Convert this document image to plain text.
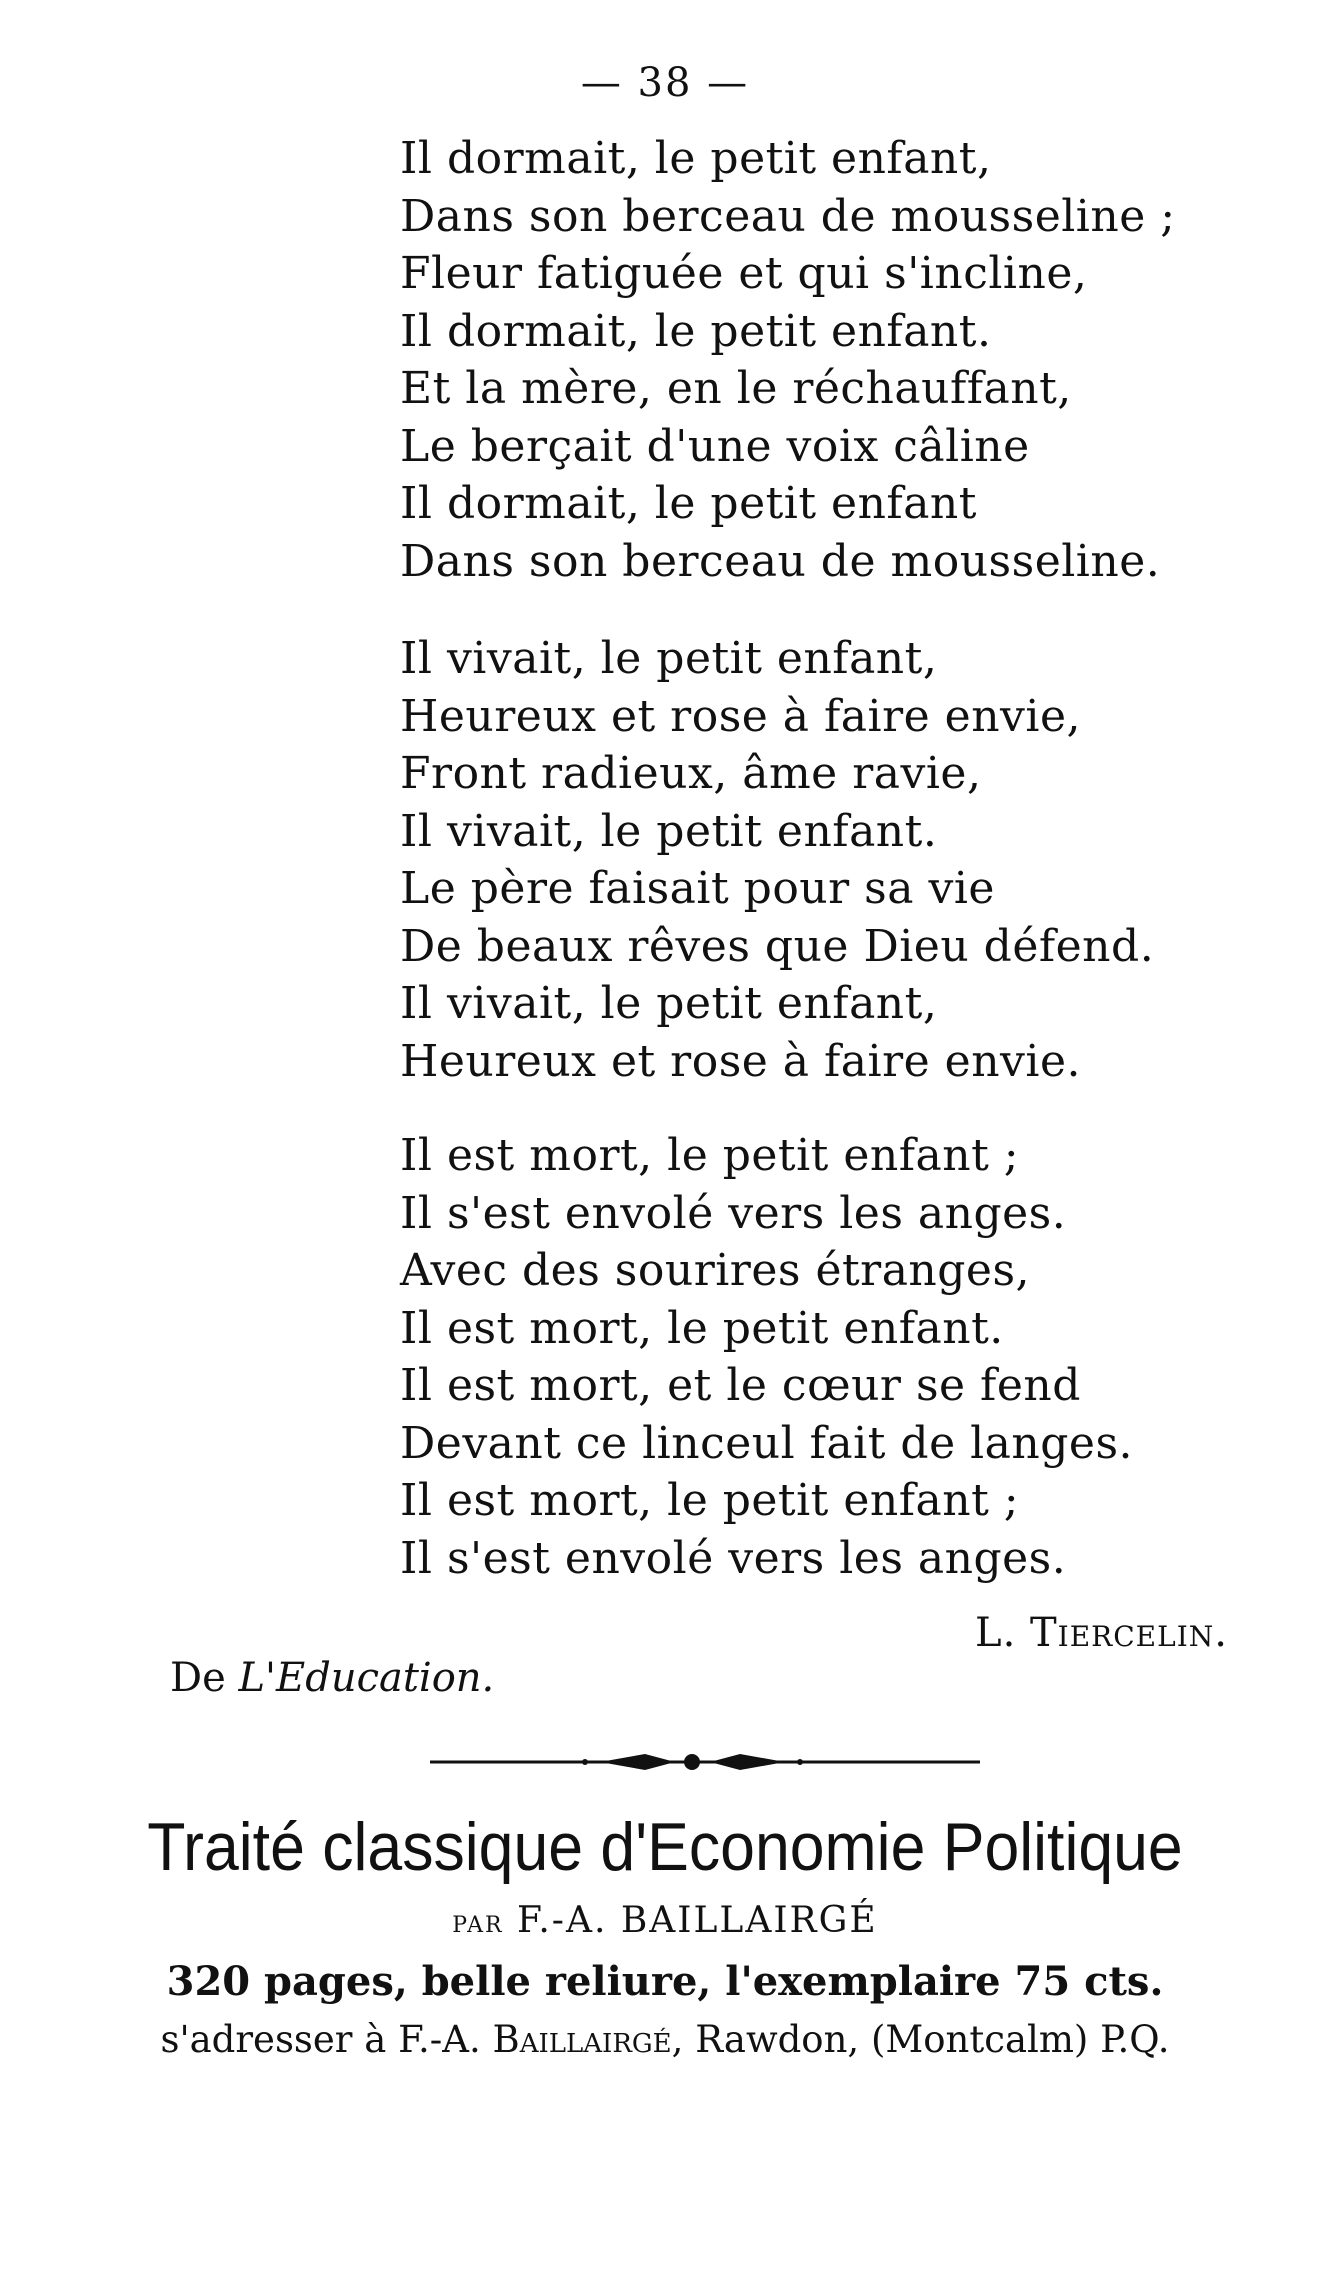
— 38 —
Il dormait, le petit enfant,
Dans son berceau de mousseline ;
Fleur fatiguée et qui s'incline,
Il dormait, le petit enfant.
Et la mère, en le réchauffant,
Le berçait d'une voix câline
Il dormait, le petit enfant
Dans son berceau de mousseline.
Il vivait, le petit enfant,
Heureux et rose à faire envie,
Front radieux, âme ravie,
Il vivait, le petit enfant.
Le père faisait pour sa vie
De beaux rêves que Dieu défend.
Il vivait, le petit enfant,
Heureux et rose à faire envie.
Il est mort, le petit enfant ;
Il s'est envolé vers les anges.
Avec des sourires étranges,
Il est mort, le petit enfant.
Il est mort, et le cœur se fend
Devant ce linceul fait de langes.
Il est mort, le petit enfant ;
Il s'est envolé vers les anges.
L. Tiercelin.
De L'Education.
Traité classique d'Economie Politique
PAR F.-A. BAILLAIRGÉ
320 pages, belle reliure, l'exemplaire 75 cts.
s'adresser à F.-A. Baillairgé, Rawdon, (Montcalm) P.Q.
